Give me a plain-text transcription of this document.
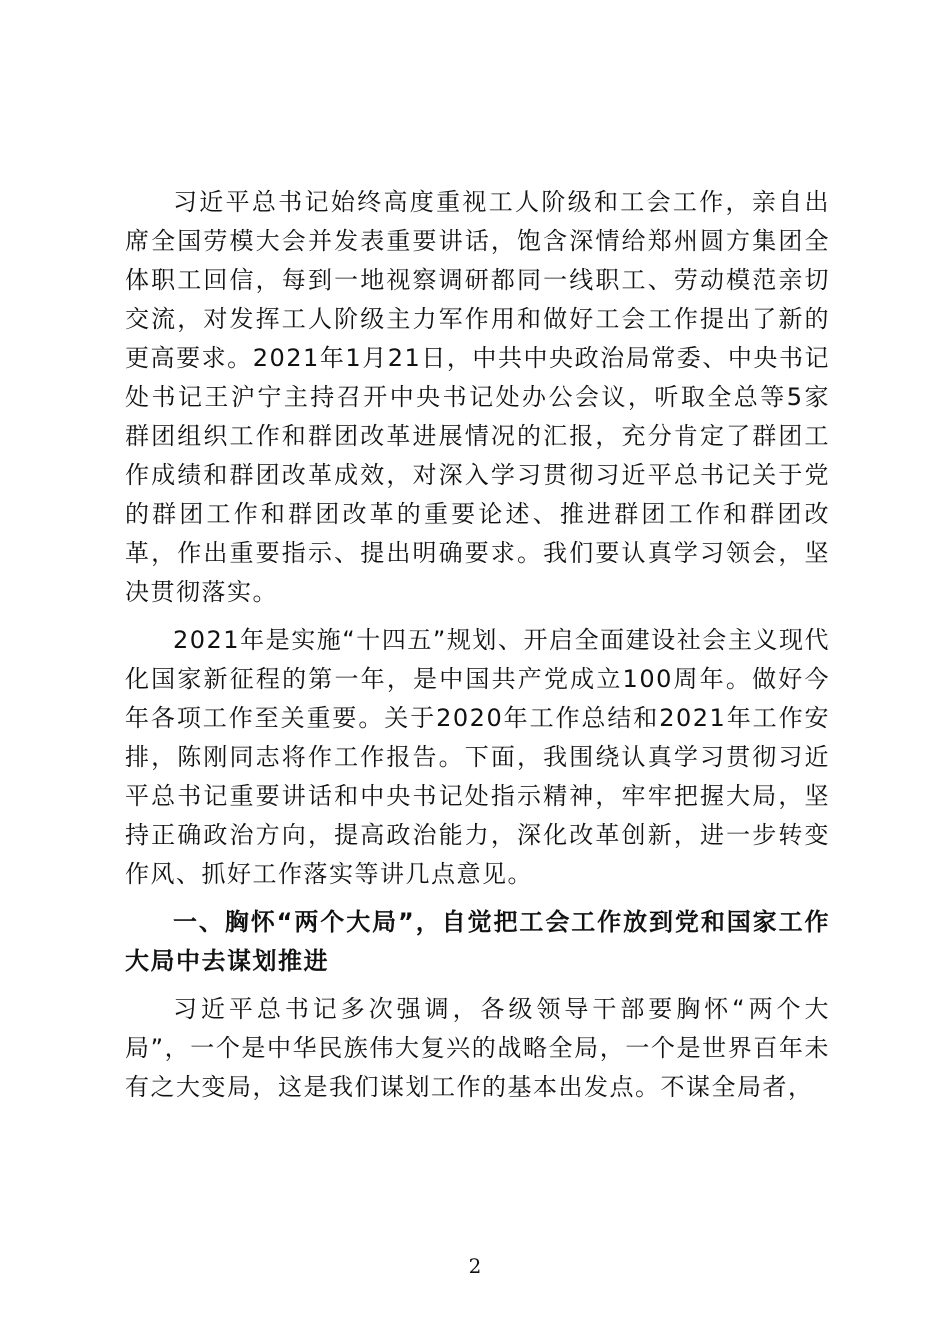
习近平总书记始终高度重视工人阶级和工会工作，亲自出席全国劳模大会并发表重要讲话，饱含深情给郑州圆方集团全体职工回信，每到一地视察调研都同一线职工、劳动模范亲切交流，对发挥工人阶级主力军作用和做好工会工作提出了新的更高要求。2021年1月21日，中共中央政治局常委、中央书记处书记王沪宁主持召开中央书记处办公会议，听取全总等5家群团组织工作和群团改革进展情况的汇报，充分肯定了群团工作成绩和群团改革成效，对深入学习贯彻习近平总书记关于党的群团工作和群团改革的重要论述、推进群团工作和群团改革，作出重要指示、提出明确要求。我们要认真学习领会，坚决贯彻落实。

2021年是实施“十四五”规划、开启全面建设社会主义现代化国家新征程的第一年，是中国共产党成立100周年。做好今年各项工作至关重要。关于2020年工作总结和2021年工作安排，陈刚同志将作工作报告。下面，我围绕认真学习贯彻习近平总书记重要讲话和中央书记处指示精神，牢牢把握大局，坚持正确政治方向，提高政治能力，深化改革创新，进一步转变作风、抓好工作落实等讲几点意见。

一、胸怀“两个大局”，自觉把工会工作放到党和国家工作大局中去谋划推进

习近平总书记多次强调，各级领导干部要胸怀“两个大局”，一个是中华民族伟大复兴的战略全局，一个是世界百年未有之大变局，这是我们谋划工作的基本出发点。不谋全局者，

2
